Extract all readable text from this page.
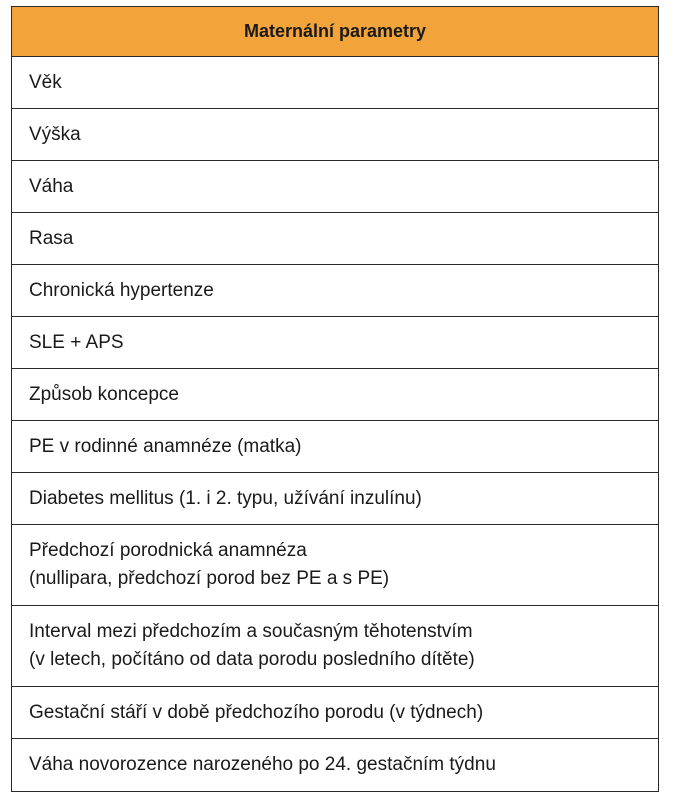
Maternální parametry
Věk
Výška
Váha
Rasa
Chronická hypertenze
SLE + APS
Způsob koncepce
PE v rodinné anamnéze (matka)
Diabetes mellitus (1. i 2. typu, užívání inzulínu)
Předchozí porodnická anamnéza
(nullipara, předchozí porod bez PE a s PE)
Interval mezi předchozím a současným těhotenstvím
(v letech, počítáno od data porodu posledního dítěte)
Gestační stáří v době předchozího porodu (v týdnech)
Váha novorozence narozeného po 24. gestačním týdnu
